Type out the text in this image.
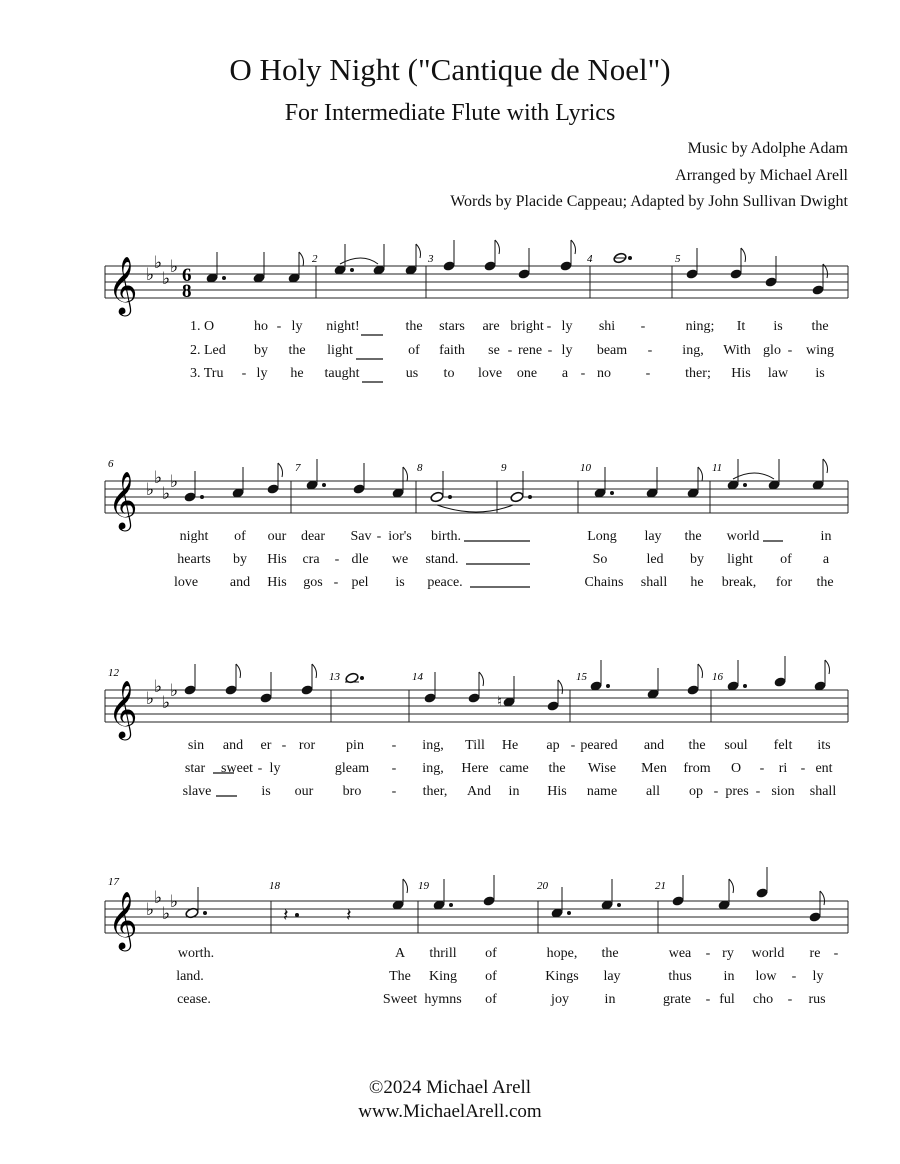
O Holy Night ("Cantique de Noel")
For Intermediate Flute with Lyrics
Music by Adolphe Adam
Arranged by Michael Arell
Words by Placide Cappeau; Adapted by John Sullivan Dwight
𝄞 ♭
♭
♭
♭ 6
8
2	3	4	5
1. O	ho - ly night!	the stars are bright - ly shi -	ning; It is the
2. Led by the light	of faith se - rene - ly beam - ing, With glo - wing
3. Tru - ly he taught	us to love one a - no - ther; His law is
𝄞 ♭
♭
♭
♭
6	7	8	9	10	11
night of our dear Sav - ior's birth.	Long lay the world	in
hearts by His cra - dle we stand.	So	led by light of a
love and His gos - pel is peace.	Chains shall he break, for the
𝄞 ♭
♭
♭
♭
12	13	14	15	16
♮
sin and er - ror pin - ing, Till He ap - peared and the soul felt its
star sweet - ly	gleam - ing, Here came the Wise Men from O - ri - ent
slave	is our bro - ther, And in His name all op - pres - sion shall
𝄞 ♭
♭
♭
♭
17	18	19	20	21
𝄽	𝄽
worth.	A thrill of	hope, the	wea - ry world re -
land.	The King of	Kings lay	thus in low - ly
cease.	Sweet hymns of	joy	in	grate - ful cho - rus
©2024 Michael Arell
www.MichaelArell.com
